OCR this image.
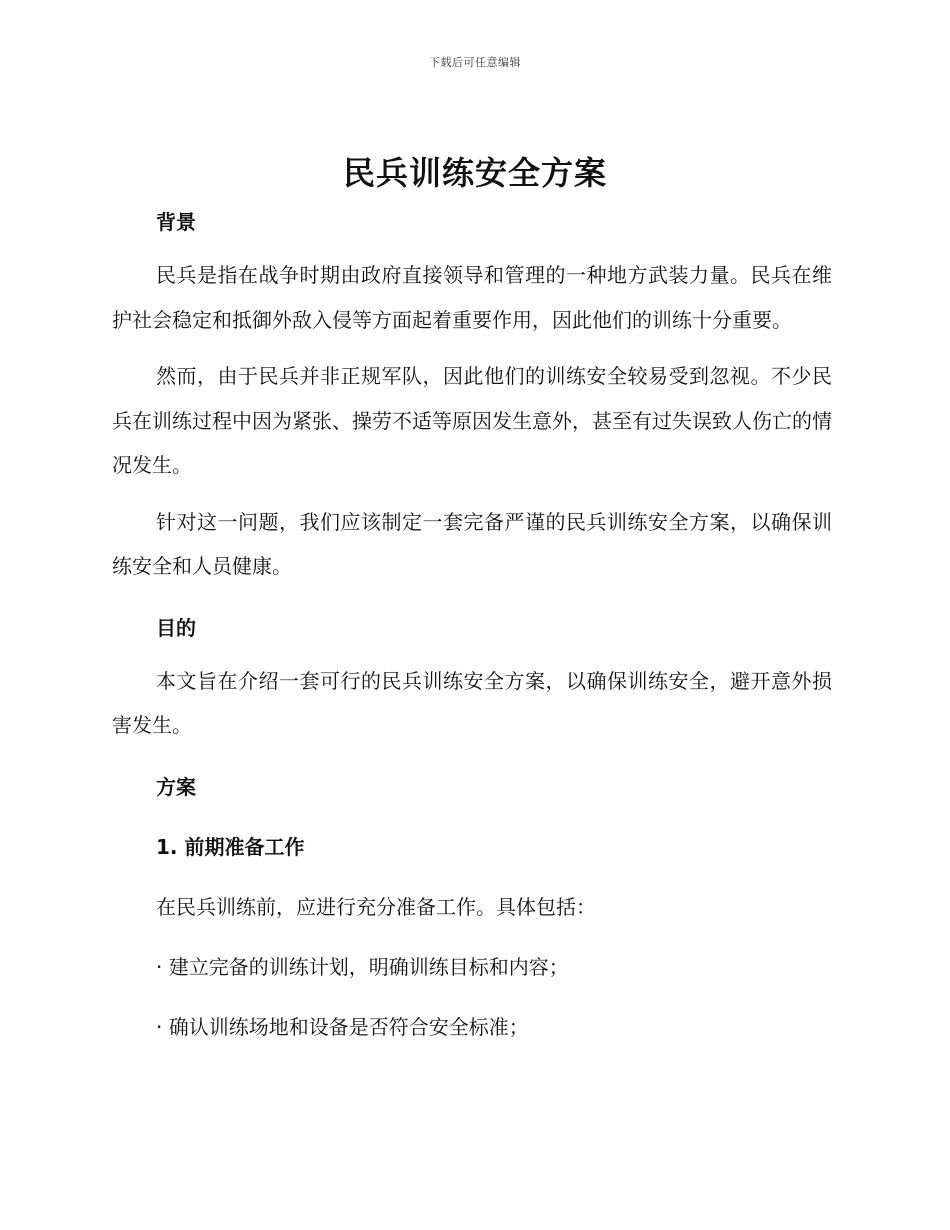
下载后可任意编辑
民兵训练安全方案
背景

民兵是指在战争时期由政府直接领导和管理的一种地方武装力量。民兵在维护社会稳定和抵御外敌入侵等方面起着重要作用，因此他们的训练十分重要。

然而，由于民兵并非正规军队，因此他们的训练安全较易受到忽视。不少民兵在训练过程中因为紧张、操劳不适等原因发生意外，甚至有过失误致人伤亡的情况发生。

针对这一问题，我们应该制定一套完备严谨的民兵训练安全方案，以确保训练安全和人员健康。

目的

本文旨在介绍一套可行的民兵训练安全方案，以确保训练安全，避开意外损害发生。

方案
1. 前期准备工作
在民兵训练前，应进行充分准备工作。具体包括：
· 建立完备的训练计划，明确训练目标和内容；
· 确认训练场地和设备是否符合安全标准；
